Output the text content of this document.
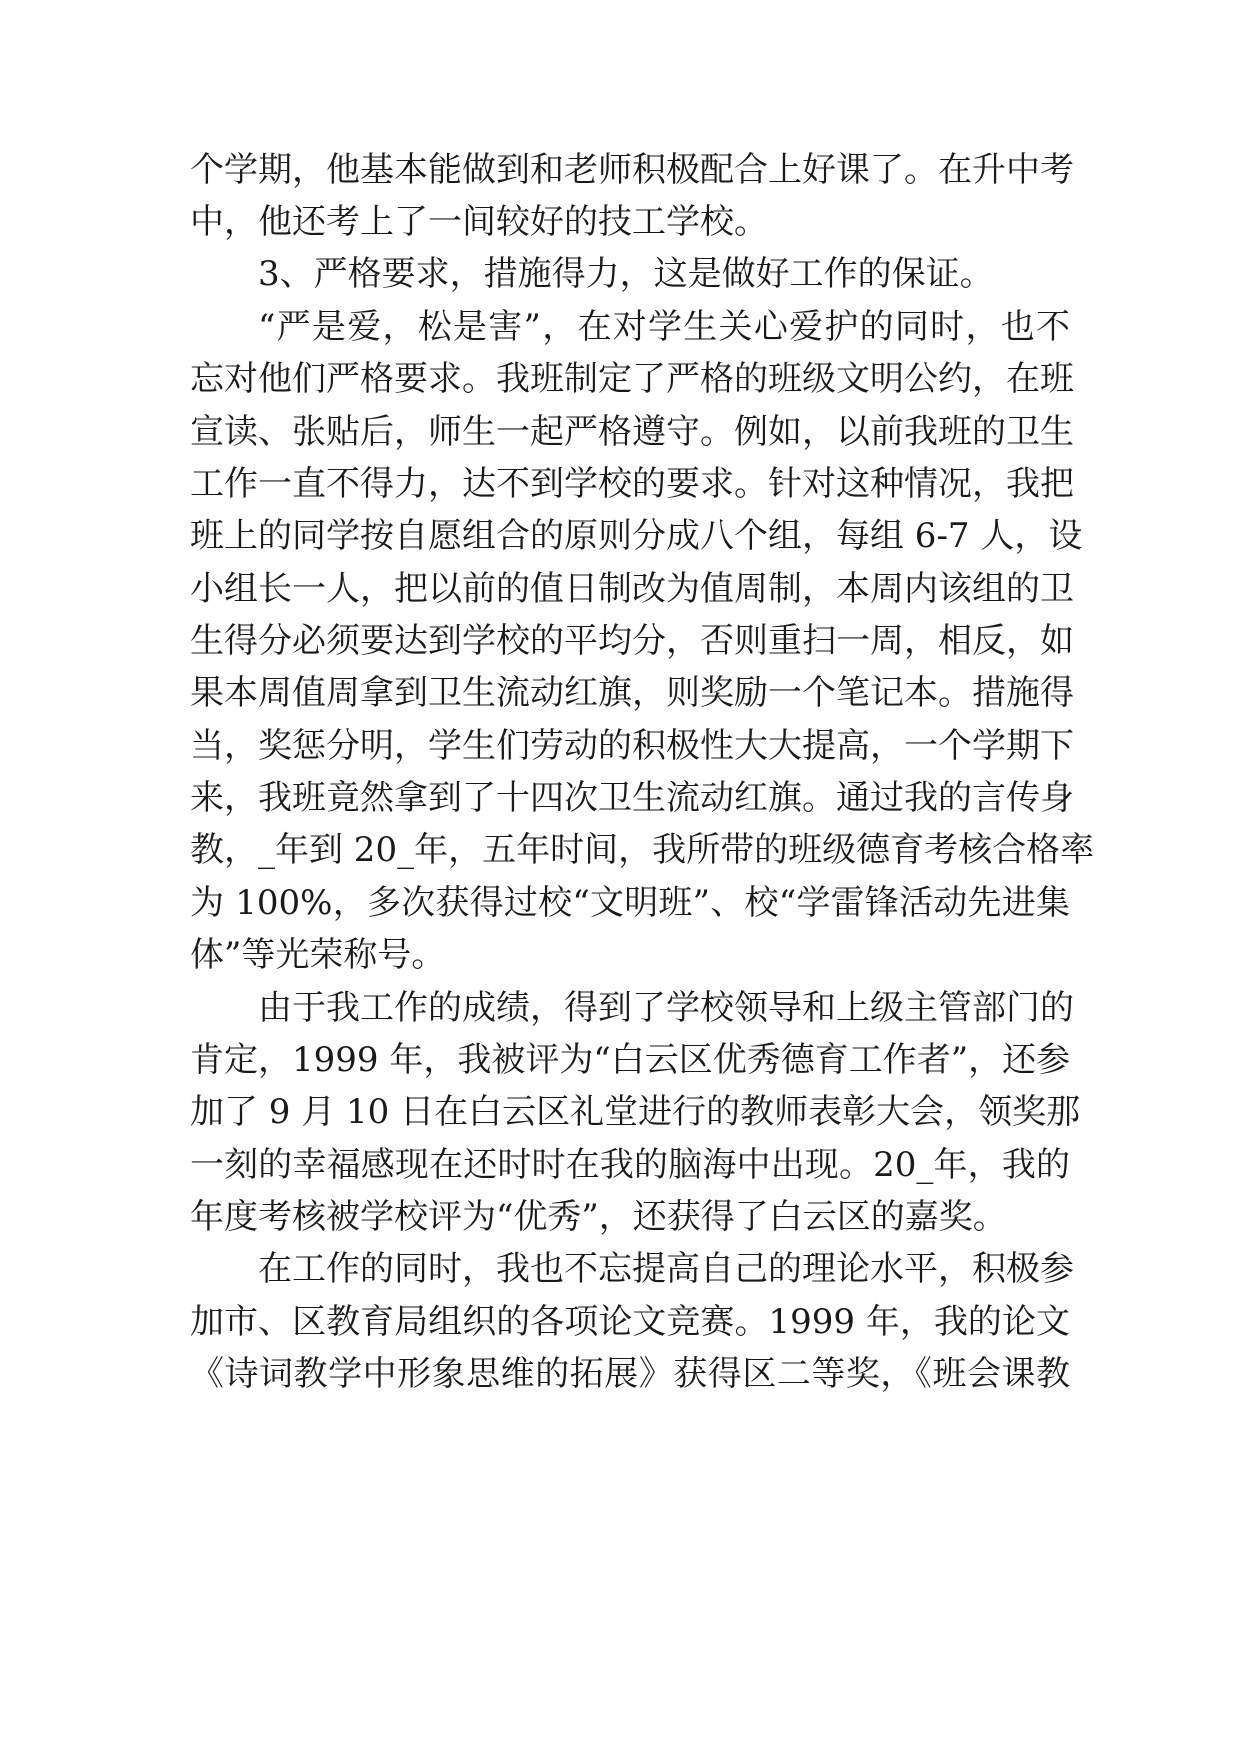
个学期，他基本能做到和老师积极配合上好课了。在升中考
中，他还考上了一间较好的技工学校。
3、严格要求，措施得力，这是做好工作的保证。
“严是爱，松是害”，在对学生关心爱护的同时，也不
忘对他们严格要求。我班制定了严格的班级文明公约，在班
宣读、张贴后，师生一起严格遵守。例如，以前我班的卫生
工作一直不得力，达不到学校的要求。针对这种情况，我把
班上的同学按自愿组合的原则分成八个组，每组 6-7 人，设
小组长一人，把以前的值日制改为值周制，本周内该组的卫
生得分必须要达到学校的平均分，否则重扫一周，相反，如
果本周值周拿到卫生流动红旗，则奖励一个笔记本。措施得
当，奖惩分明，学生们劳动的积极性大大提高，一个学期下
来，我班竟然拿到了十四次卫生流动红旗。通过我的言传身
教，_年到 20_年，五年时间，我所带的班级德育考核合格率
为 100%，多次获得过校“文明班”、校“学雷锋活动先进集
体”等光荣称号。
由于我工作的成绩，得到了学校领导和上级主管部门的
肯定，1999 年，我被评为“白云区优秀德育工作者”，还参
加了 9 月 10 日在白云区礼堂进行的教师表彰大会，领奖那
一刻的幸福感现在还时时在我的脑海中出现。20_年，我的
年度考核被学校评为“优秀”，还获得了白云区的嘉奖。
在工作的同时，我也不忘提高自己的理论水平，积极参
加市、区教育局组织的各项论文竞赛。1999 年，我的论文
《诗词教学中形象思维的拓展》获得区二等奖，《班会课教
